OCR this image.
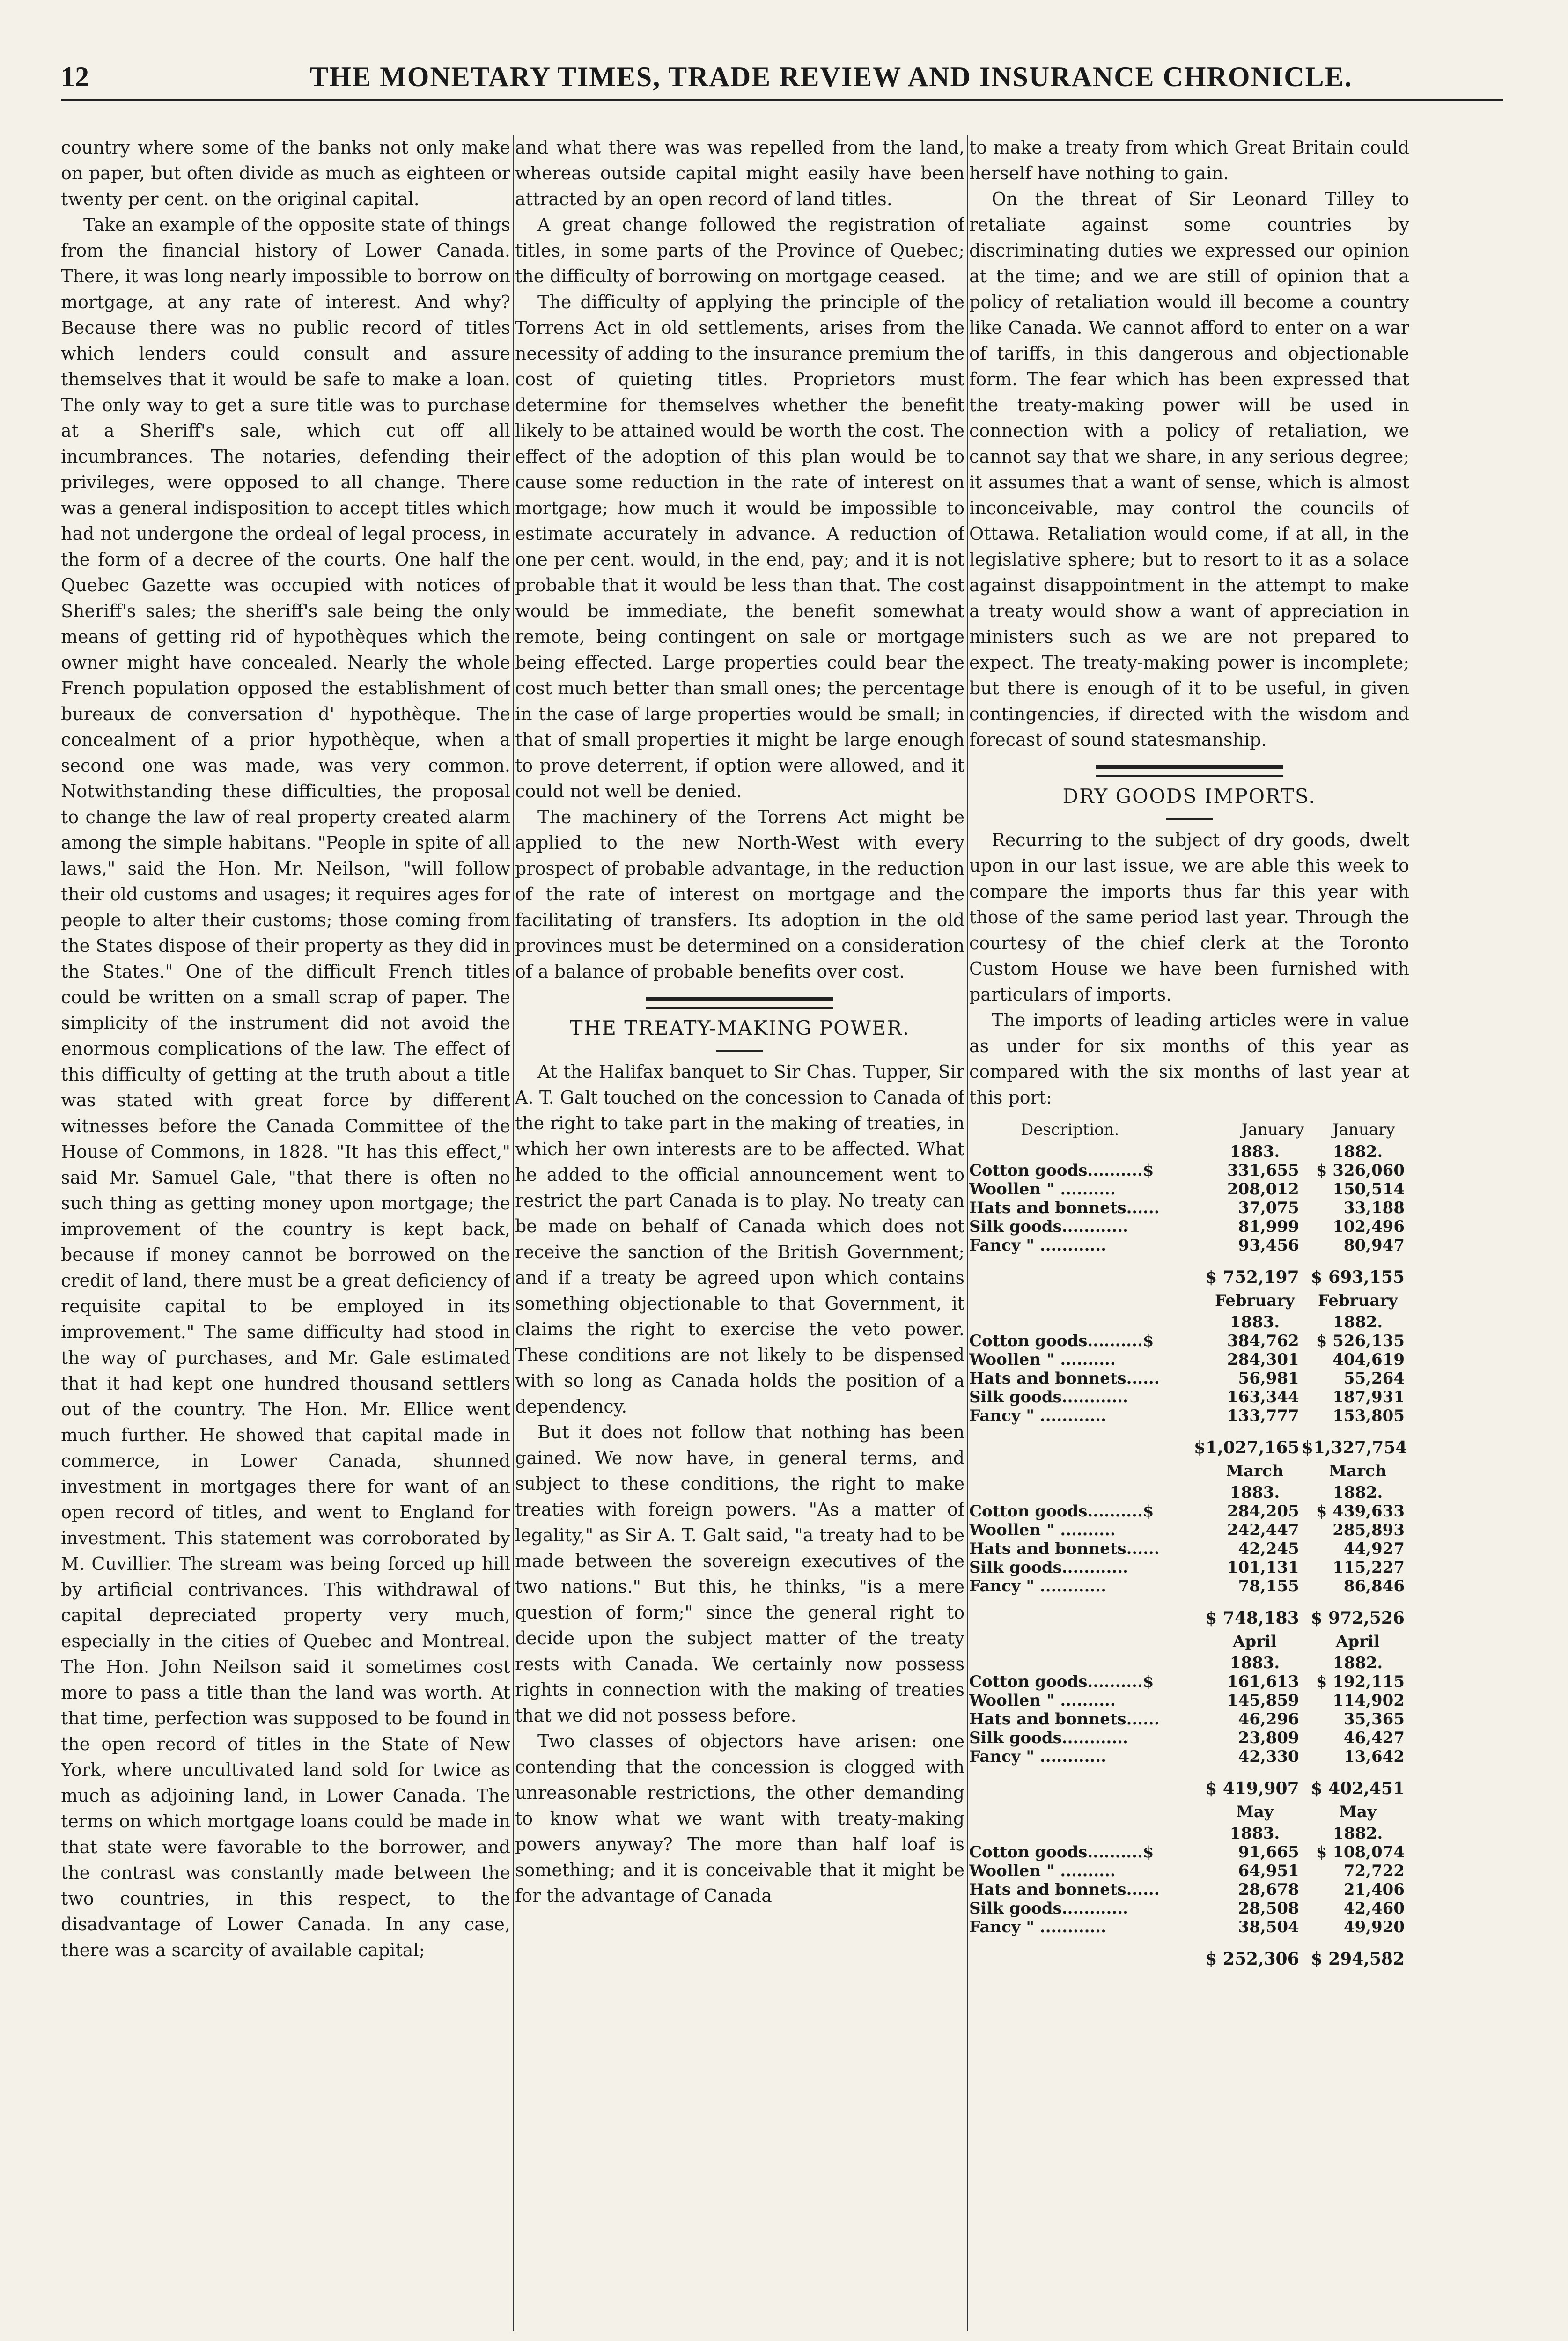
12	THE MONETARY TIMES, TRADE REVIEW AND INSURANCE CHRONICLE.

country where some of the banks not only make on paper, but often divide as much as eighteen or twenty per cent. on the original capital.

Take an example of the opposite state of things from the financial history of Lower Canada. There, it was long nearly impossible to borrow on mortgage, at any rate of interest. And why? Because there was no public record of titles which lenders could consult and assure themselves that it would be safe to make a loan. The only way to get a sure title was to purchase at a Sheriff's sale, which cut off all incumbrances. The notaries, defending their privileges, were opposed to all change. There was a general indisposition to accept titles which had not undergone the ordeal of legal process, in the form of a decree of the courts. One half the Quebec Gazette was occupied with notices of Sheriff's sales; the sheriff's sale being the only means of getting rid of hypothèques which the owner might have concealed. Nearly the whole French population opposed the establishment of bureaux de conversation d' hypothèque. The concealment of a prior hypothèque, when a second one was made, was very common. Notwithstanding these difficulties, the proposal to change the law of real property created alarm among the simple habitans. "People in spite of all laws," said the Hon. Mr. Neilson, "will follow their old customs and usages; it requires ages for people to alter their customs; those coming from the States dispose of their property as they did in the States." One of the difficult French titles could be written on a small scrap of paper. The simplicity of the instrument did not avoid the enormous complications of the law. The effect of this difficulty of getting at the truth about a title was stated with great force by different witnesses before the Canada Committee of the House of Commons, in 1828. "It has this effect," said Mr. Samuel Gale, "that there is often no such thing as getting money upon mortgage; the improvement of the country is kept back, because if money cannot be borrowed on the credit of land, there must be a great deficiency of requisite capital to be employed in its improvement." The same difficulty had stood in the way of purchases, and Mr. Gale estimated that it had kept one hundred thousand settlers out of the country. The Hon. Mr. Ellice went much further. He showed that capital made in commerce, in Lower Canada, shunned investment in mortgages there for want of an open record of titles, and went to England for investment. This statement was corroborated by M. Cuvillier. The stream was being forced up hill by artificial contrivances. This withdrawal of capital depreciated property very much, especially in the cities of Quebec and Montreal. The Hon. John Neilson said it sometimes cost more to pass a title than the land was worth. At that time, perfection was supposed to be found in the open record of titles in the State of New York, where uncultivated land sold for twice as much as adjoining land, in Lower Canada. The terms on which mortgage loans could be made in that state were favorable to the borrower, and the contrast was constantly made between the two countries, in this respect, to the disadvantage of Lower Canada. In any case, there was a scarcity of available capital;

and what there was was repelled from the land, whereas outside capital might easily have been attracted by an open record of land titles.

A great change followed the registration of titles, in some parts of the Province of Quebec; the difficulty of borrowing on mortgage ceased.

The difficulty of applying the principle of the Torrens Act in old settlements, arises from the necessity of adding to the insurance premium the cost of quieting titles. Proprietors must determine for themselves whether the benefit likely to be attained would be worth the cost. The effect of the adoption of this plan would be to cause some reduction in the rate of interest on mortgage; how much it would be impossible to estimate accurately in advance. A reduction of one per cent. would, in the end, pay; and it is not probable that it would be less than that. The cost would be immediate, the benefit somewhat remote, being contingent on sale or mortgage being effected. Large properties could bear the cost much better than small ones; the percentage in the case of large properties would be small; in that of small properties it might be large enough to prove deterrent, if option were allowed, and it could not well be denied.

The machinery of the Torrens Act might be applied to the new North-West with every prospect of probable advantage, in the reduction of the rate of interest on mortgage and the facilitating of transfers. Its adoption in the old provinces must be determined on a consideration of a balance of probable benefits over cost.

THE TREATY-MAKING POWER.

At the Halifax banquet to Sir Chas. Tupper, Sir A. T. Galt touched on the concession to Canada of the right to take part in the making of treaties, in which her own interests are to be affected. What he added to the official announcement went to restrict the part Canada is to play. No treaty can be made on behalf of Canada which does not receive the sanction of the British Government; and if a treaty be agreed upon which contains something objectionable to that Government, it claims the right to exercise the veto power. These conditions are not likely to be dispensed with so long as Canada holds the position of a dependency.

But it does not follow that nothing has been gained. We now have, in general terms, and subject to these conditions, the right to make treaties with foreign powers. "As a matter of legality," as Sir A. T. Galt said, "a treaty had to be made between the sovereign executives of the two nations." But this, he thinks, "is a mere question of form;" since the general right to decide upon the subject matter of the treaty rests with Canada. We certainly now possess rights in connection with the making of treaties that we did not possess before.

Two classes of objectors have arisen: one contending that the concession is clogged with unreasonable restrictions, the other demanding to know what we want with treaty-making powers anyway? The more than half loaf is something; and it is conceivable that it might be for the advantage of Canada

to make a treaty from which Great Britain could herself have nothing to gain.

On the threat of Sir Leonard Tilley to retaliate against some countries by discriminating duties we expressed our opinion at the time; and we are still of opinion that a policy of retaliation would ill become a country like Canada. We cannot afford to enter on a war of tariffs, in this dangerous and objectionable form. The fear which has been expressed that the treaty-making power will be used in connection with a policy of retaliation, we cannot say that we share, in any serious degree; it assumes that a want of sense, which is almost inconceivable, may control the councils of Ottawa. Retaliation would come, if at all, in the legislative sphere; but to resort to it as a solace against disappointment in the attempt to make a treaty would show a want of appreciation in ministers such as we are not prepared to expect. The treaty-making power is incomplete; but there is enough of it to be useful, in given contingencies, if directed with the wisdom and forecast of sound statesmanship.

DRY GOODS IMPORTS.

Recurring to the subject of dry goods, dwelt upon in our last issue, we are able this week to compare the imports thus far this year with those of the same period last year. Through the courtesy of the chief clerk at the Toronto Custom House we have been furnished with particulars of imports.

The imports of leading articles were in value as under for six months of this year as compared with the six months of last year at this port:

Description.	January	January
1883.	1882.
Cotton goods..........$	331,655	$ 326,060
Woollen " ..........	208,012	150,514
Hats and bonnets......	37,075	33,188
Silk goods............	81,999	102,496
Fancy " ............	93,456	80,947
$ 752,197 $ 693,155
February	February
1883.	1882.
Cotton goods..........$	384,762	$ 526,135
Woollen " ..........	284,301	404,619
Hats and bonnets......	56,981	55,264
Silk goods............	163,344	187,931
Fancy " ............	133,777	153,805
$1,027,165 $1,327,754
March	March
1883.	1882.
Cotton goods..........$	284,205	$ 439,633
Woollen " ..........	242,447	285,893
Hats and bonnets......	42,245	44,927
Silk goods............	101,131	115,227
Fancy " ............	78,155	86,846
$ 748,183 $ 972,526
April	April
1883.	1882.
Cotton goods..........$	161,613	$ 192,115
Woollen " ..........	145,859	114,902
Hats and bonnets......	46,296	35,365
Silk goods............	23,809	46,427
Fancy " ............	42,330	13,642
$ 419,907 $ 402,451
May	May
1883.	1882.
Cotton goods..........$	91,665	$ 108,074
Woollen " ..........	64,951	72,722
Hats and bonnets......	28,678	21,406
Silk goods............	28,508	42,460
Fancy " ............	38,504	49,920
$ 252,306 $ 294,582
